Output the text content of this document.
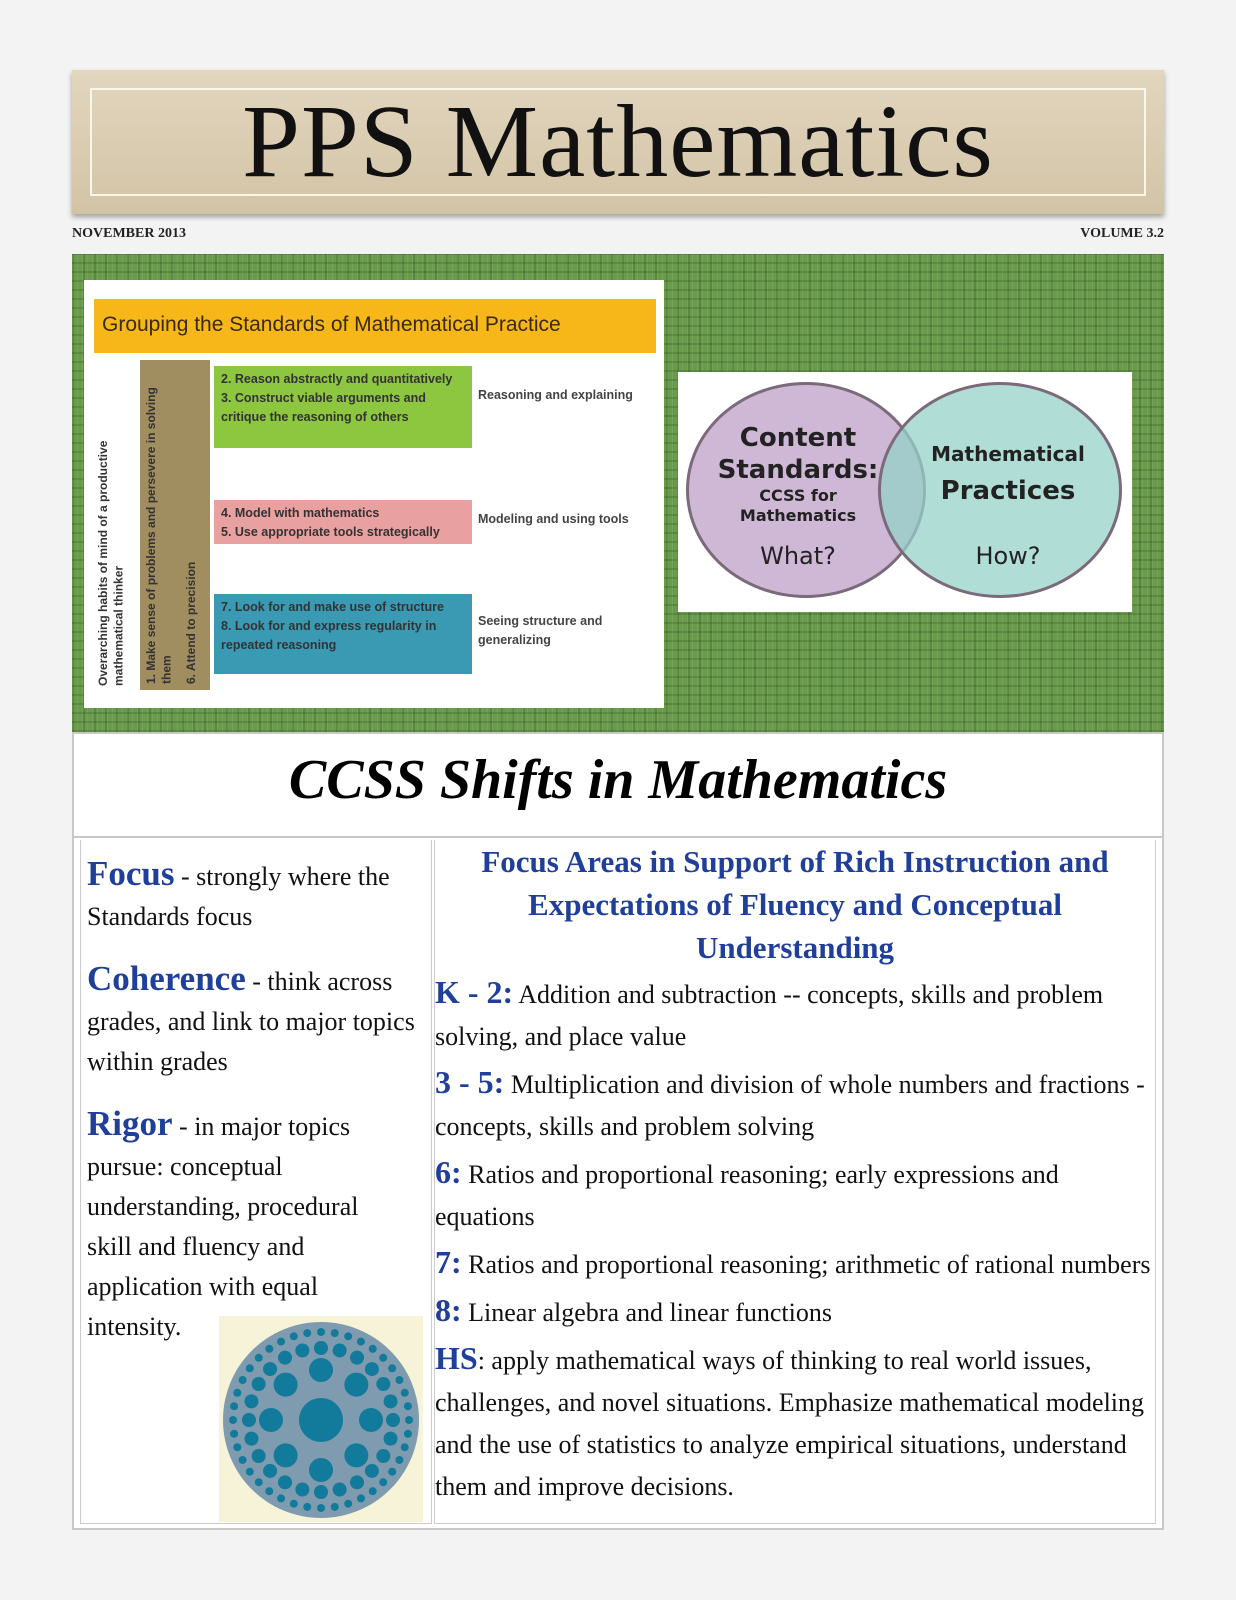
PPS Mathematics
NOVEMBER 2013	VOLUME 3.2
Grouping the Standards of Mathematical Practice
Overarching habits of mind of a productive mathematical thinker	1. Make sense of problems and persevere in solving them 6. Attend to precision
2. Reason abstractly and quantitatively
3. Construct viable arguments and critique the reasoning of others
Reasoning and explaining
4. Model with mathematics
5. Use appropriate tools strategically
Modeling and using tools
7. Look for and make use of structure
8. Look for and express regularity in repeated reasoning
Seeing structure and generalizing
Content Standards:
CCSS for Mathematics
What?
Mathematical
Practices
How?
CCSS Shifts in Mathematics
Focus - strongly where the Standards focus
Coherence - think across grades, and link to major topics within grades
Rigor - in major topics pursue: conceptual understanding, procedural skill and fluency and application with equal intensity.
Focus Areas in Support of Rich Instruction and Expectations of Fluency and Conceptual Understanding
K - 2: Addition and subtraction -- concepts, skills and problem solving, and place value
3 - 5: Multiplication and division of whole numbers and fractions - concepts, skills and problem solving
6: Ratios and proportional reasoning; early expressions and equations
7: Ratios and proportional reasoning; arithmetic of rational numbers
8: Linear algebra and linear functions
HS: apply mathematical ways of thinking to real world issues, challenges, and novel situations. Emphasize mathematical modeling and the use of statistics to analyze empirical situations, understand them and improve decisions.
